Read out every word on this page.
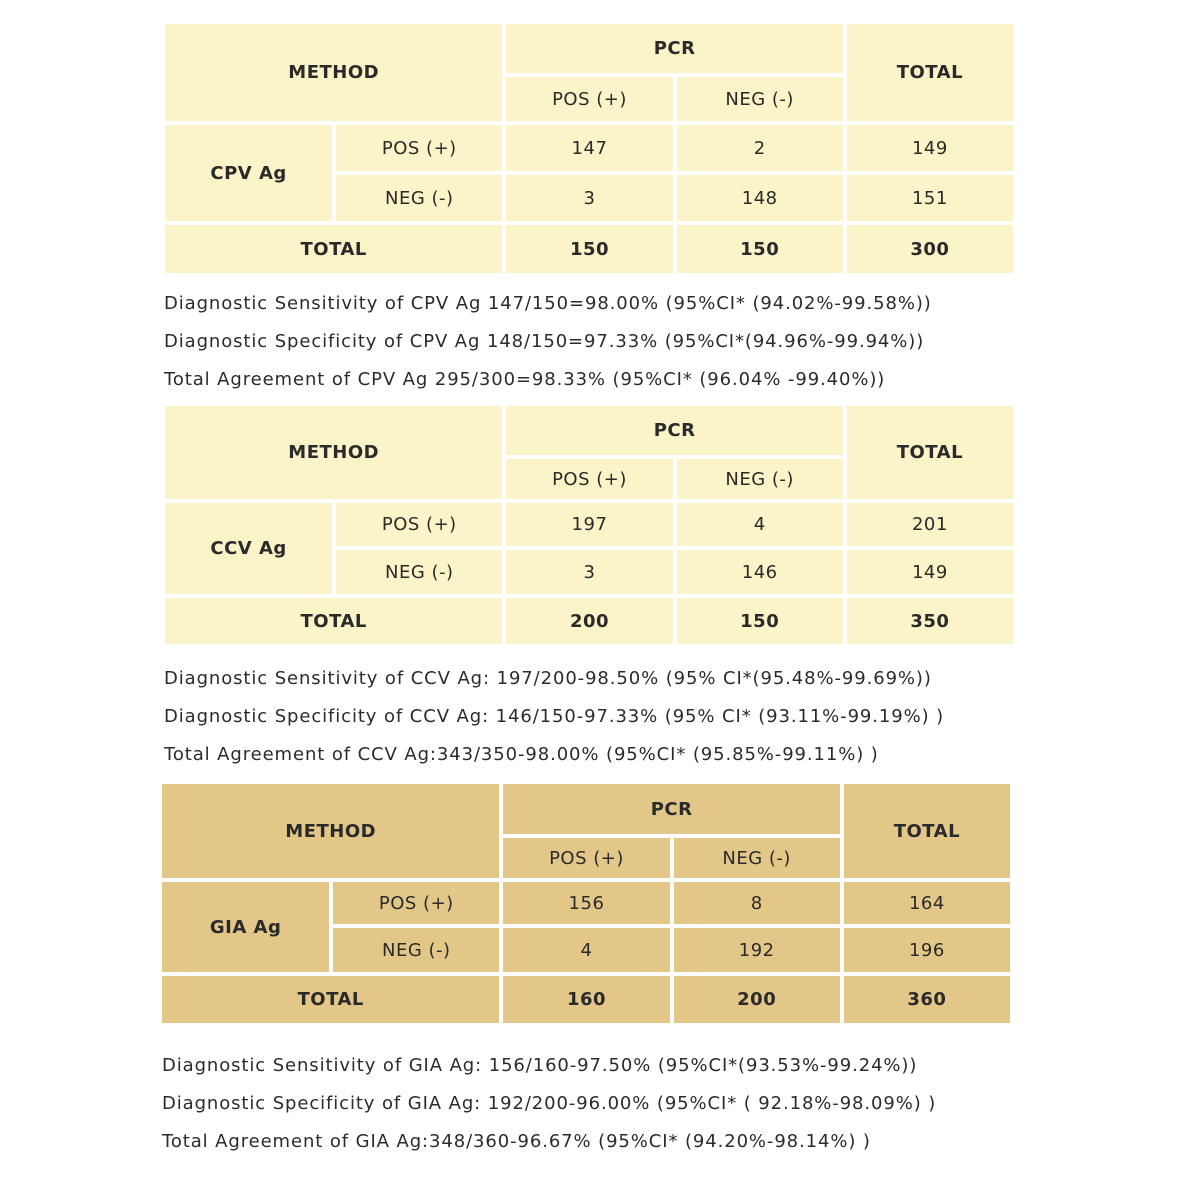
METHOD		PCR		TOTAL
		POS (+)	NEG (-)	
CPV Ag	POS (+)	147	2	149
	NEG (-)	3	148	151
TOTAL		150	150	300

Diagnostic Sensitivity of CPV Ag 147/150=98.00% (95%CI* (94.02%-99.58%))

Diagnostic Specificity of CPV Ag 148/150=97.33% (95%CI*(94.96%-99.94%))

Total Agreement of CPV Ag 295/300=98.33% (95%CI* (96.04% -99.40%))

METHOD		PCR		TOTAL
		POS (+)	NEG (-)	
CCV Ag	POS (+)	197	4	201
	NEG (-)	3	146	149
TOTAL		200	150	350

Diagnostic Sensitivity of CCV Ag: 197/200-98.50% (95% CI*(95.48%-99.69%))

Diagnostic Specificity of CCV Ag: 146/150-97.33% (95% CI* (93.11%-99.19%) )

Total Agreement of CCV Ag:343/350-98.00% (95%CI* (95.85%-99.11%) )

METHOD		PCR		TOTAL
		POS (+)	NEG (-)	
GIA Ag	POS (+)	156	8	164
	NEG (-)	4	192	196
TOTAL		160	200	360

Diagnostic Sensitivity of GIA Ag: 156/160-97.50% (95%CI*(93.53%-99.24%))

Diagnostic Specificity of GIA Ag: 192/200-96.00% (95%CI* ( 92.18%-98.09%) )

Total Agreement of GIA Ag:348/360-96.67% (95%CI* (94.20%-98.14%) )
